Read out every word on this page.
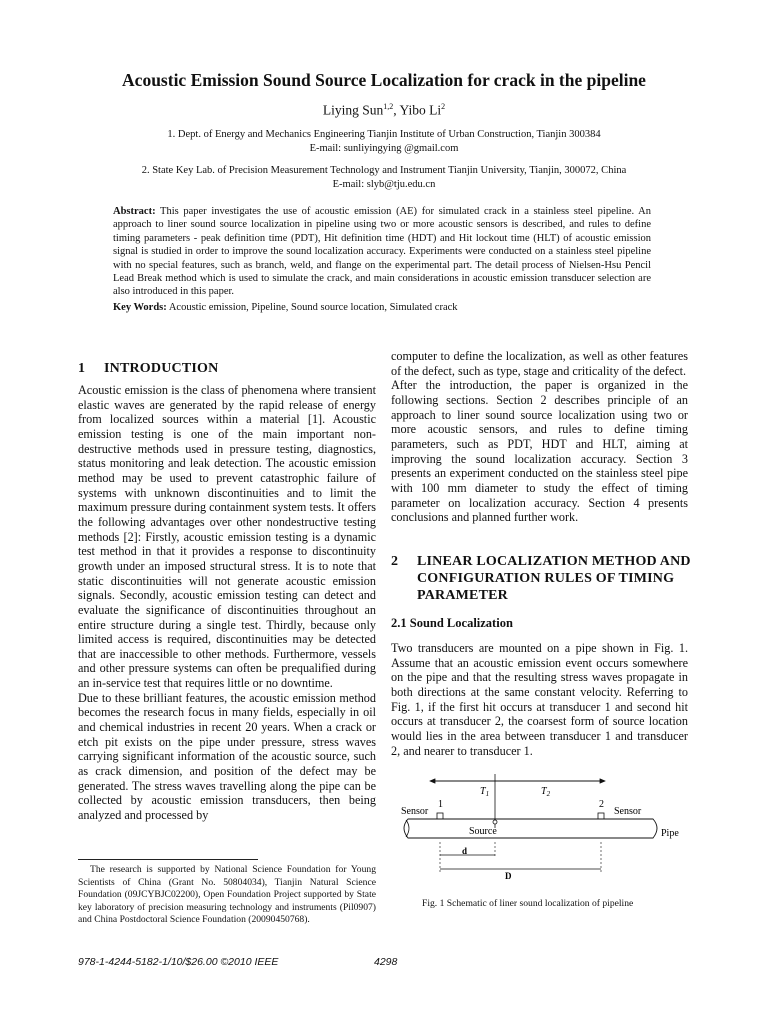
Acoustic Emission Sound Source Localization for crack in the pipeline
Liying Sun$^{1,2}$, Yibo Li$^2$
1. Dept. of Energy and Mechanics Engineering Tianjin Institute of Urban Construction, Tianjin 300384
E-mail: sunliyingying @gmail.com
2. State Key Lab. of Precision Measurement Technology and Instrument Tianjin University, Tianjin, 300072, China
E-mail: slyb@tju.edu.cn
Abstract: This paper investigates the use of acoustic emission (AE) for simulated crack in a stainless steel pipeline. An approach to liner sound source localization in pipeline using two or more acoustic sensors is described, and rules to define timing parameters - peak definition time (PDT), Hit definition time (HDT) and Hit lockout time (HLT) of acoustic emission signal is studied in order to improve the sound localization accuracy. Experiments were conducted on a stainless steel pipeline with no special features, such as branch, weld, and flange on the experimental part. The detail process of Nielsen-Hsu Pencil Lead Break method which is used to simulate the crack, and main considerations in acoustic emission transducer selection are also introduced in this paper.
Key Words: Acoustic emission, Pipeline, Sound source location, Simulated crack
1 INTRODUCTION

Acoustic emission is the class of phenomena where transient elastic waves are generated by the rapid release of energy from localized sources within a material [1]. Acoustic emission testing is one of the main important non-destructive methods used in pressure testing, diagnostics, status monitoring and leak detection. The acoustic emission method may be used to prevent catastrophic failure of systems with unknown discontinuities and to limit the maximum pressure during containment system tests. It offers the following advantages over other nondestructive testing methods [2]: Firstly, acoustic emission testing is a dynamic test method in that it provides a response to discontinuity growth under an imposed structural stress. It is to note that static discontinuities will not generate acoustic emission signals. Secondly, acoustic emission testing can detect and evaluate the significance of discontinuities throughout an entire structure during a single test. Thirdly, because only limited access is required, discontinuities may be detected that are inaccessible to other methods. Furthermore, vessels and other pressure systems can often be prequalified during an in-service test that requires little or no downtime.

Due to these brilliant features, the acoustic emission method becomes the research focus in many fields, especially in oil and chemical industries in recent 20 years. When a crack or etch pit exists on the pipe under pressure, stress waves carrying significant information of the acoustic source, such as crack dimension, and position of the defect may be generated. The stress waves travelling along the pipe can be collected by acoustic emission transducers, then being analyzed and processed by

computer to define the localization, as well as other features of the defect, such as type, stage and criticality of the defect.

After the introduction, the paper is organized in the following sections. Section 2 describes principle of an approach to liner sound source localization using two or more acoustic sensors, and rules to define timing parameters, such as PDT, HDT and HLT, aiming at improving the sound localization accuracy. Section 3 presents an experiment conducted on the stainless steel pipe with 100 mm diameter to study the effect of timing parameter on localization accuracy. Section 4 presents conclusions and planned further work.

2 LINEAR LOCALIZATION METHOD AND
CONFIGURATION RULES OF TIMING
PARAMETER
2.1 Sound Localization

Two transducers are mounted on a pipe shown in Fig. 1. Assume that an acoustic emission event occurs somewhere on the pipe and that the resulting stress waves propagate in both directions at the same constant velocity. Referring to Fig. 1, if the first hit occurs at transducer 1 and second hit occurs at transducer 2, the coarsest form of source location would lies in the area between transducer 1 and transducer 2, and nearer to transducer 1.

$T_1$	$T_2$
Sensor
1	2
Sensor
Source	Pipe
d
D
Fig. 1 Schematic of liner sound localization of pipeline
The research is supported by National Science Foundation for Young Scientists of China (Grant No. 50804034), Tianjin Natural Science Foundation (09JCYBJC02200), Open Foundation Project supported by State key laboratory of precision measuring technology and instruments (Pil0907) and China Postdoctoral Science Foundation (20090450768).
978-1-4244-5182-1/10/$26.00 ©2010 IEEE	4298
